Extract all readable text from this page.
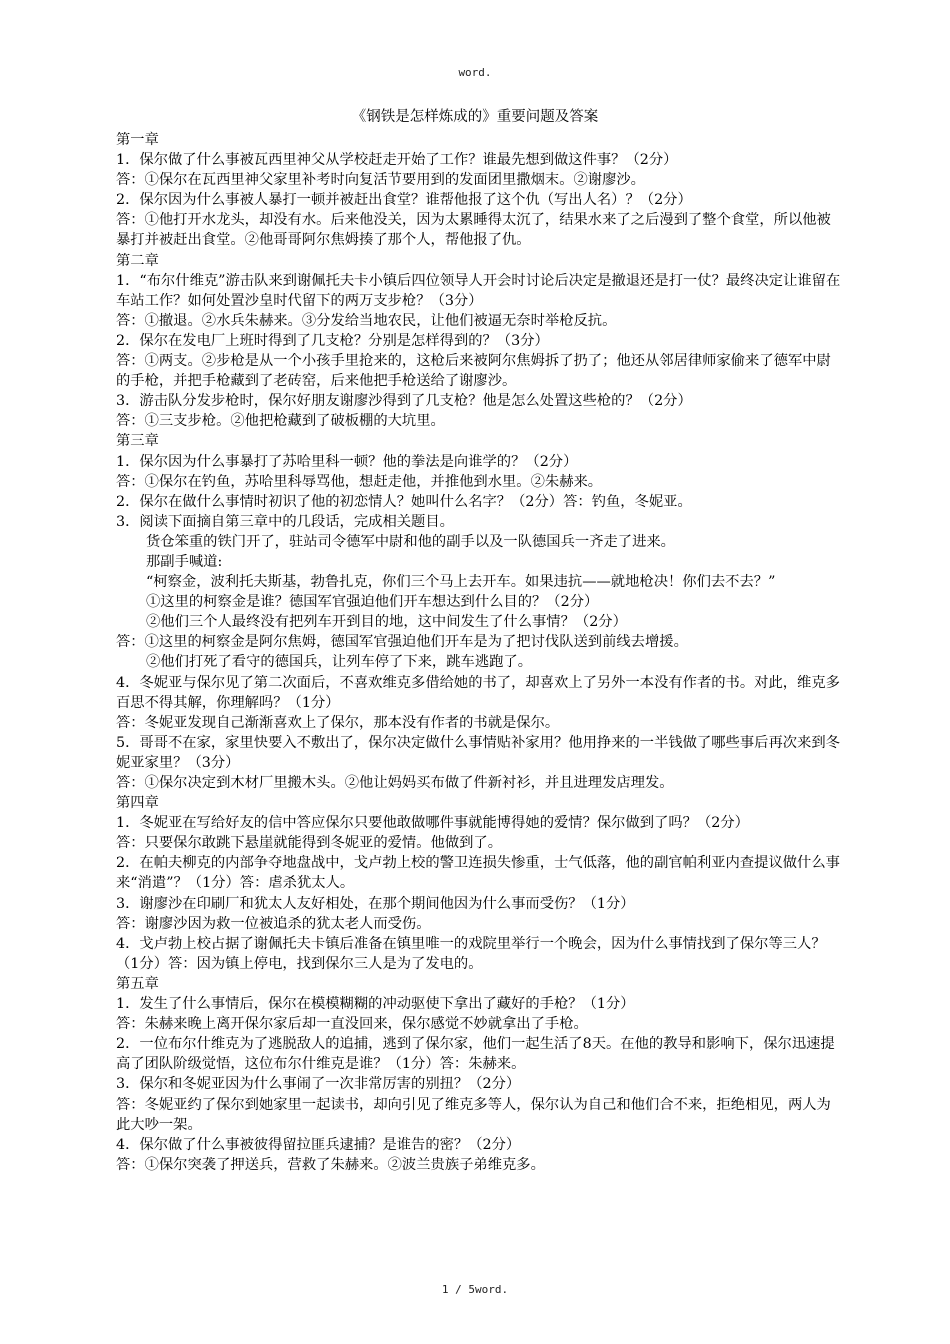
word.
《钢铁是怎样炼成的》重要问题及答案

第一章

1．保尔做了什么事被瓦西里神父从学校赶走开始了工作？谁最先想到做这件事？（2分）

答：①保尔在瓦西里神父家里补考时向复活节要用到的发面团里撒烟末。②谢廖沙。

2．保尔因为什么事被人暴打一顿并被赶出食堂？谁帮他报了这个仇（写出人名）？（2分）

答：①他打开水龙头，却没有水。后来他没关，因为太累睡得太沉了，结果水来了之后漫到了整个食堂，所以他被暴打并被赶出食堂。②他哥哥阿尔焦姆揍了那个人，帮他报了仇。

第二章

1．“布尔什维克”游击队来到谢佩托夫卡小镇后四位领导人开会时讨论后决定是撤退还是打一仗？最终决定让谁留在车站工作？如何处置沙皇时代留下的两万支步枪？（3分）

答：①撤退。②水兵朱赫来。③分发给当地农民，让他们被逼无奈时举枪反抗。

2．保尔在发电厂上班时得到了几支枪？分别是怎样得到的？（3分）

答：①两支。②步枪是从一个小孩手里抢来的，这枪后来被阿尔焦姆拆了扔了；他还从邻居律师家偷来了德军中尉的手枪，并把手枪藏到了老砖窑，后来他把手枪送给了谢廖沙。

3．游击队分发步枪时，保尔好朋友谢廖沙得到了几支枪？他是怎么处置这些枪的？（2分）

答：①三支步枪。②他把枪藏到了破板棚的大坑里。

第三章

1．保尔因为什么事暴打了苏哈里科一顿？他的拳法是向谁学的？（2分）

答：①保尔在钓鱼，苏哈里科辱骂他，想赶走他，并推他到水里。②朱赫来。

2．保尔在做什么事情时初识了他的初恋情人？她叫什么名字？（2分）答：钓鱼，冬妮亚。

3．阅读下面摘自第三章中的几段话，完成相关题目。

货仓笨重的铁门开了，驻站司令德军中尉和他的副手以及一队德国兵一齐走了进来。

那副手喊道:

“柯察金，波利托夫斯基，勃鲁扎克，你们三个马上去开车。如果违抗——就地枪决！你们去不去？”

①这里的柯察金是谁？德国军官强迫他们开车想达到什么目的？（2分）

②他们三个人最终没有把列车开到目的地，这中间发生了什么事情？（2分）

答：①这里的柯察金是阿尔焦姆，德国军官强迫他们开车是为了把讨伐队送到前线去增援。

②他们打死了看守的德国兵，让列车停了下来，跳车逃跑了。

4．冬妮亚与保尔见了第二次面后，不喜欢维克多借给她的书了，却喜欢上了另外一本没有作者的书。对此，维克多百思不得其解，你理解吗？（1分）

答：冬妮亚发现自己渐渐喜欢上了保尔，那本没有作者的书就是保尔。

5．哥哥不在家，家里快要入不敷出了，保尔决定做什么事情贴补家用？他用挣来的一半钱做了哪些事后再次来到冬妮亚家里？（3分）

答：①保尔决定到木材厂里搬木头。②他让妈妈买布做了件新衬衫，并且进理发店理发。

第四章

1．冬妮亚在写给好友的信中答应保尔只要他敢做哪件事就能博得她的爱情？保尔做到了吗？（2分）

答：只要保尔敢跳下悬崖就能得到冬妮亚的爱情。他做到了。

2．在帕夫柳克的内部争夺地盘战中，戈卢勃上校的警卫连损失惨重，士气低落，他的副官帕利亚内查提议做什么事来“消遣”？（1分）答：虐杀犹太人。

3．谢廖沙在印刷厂和犹太人友好相处，在那个期间他因为什么事而受伤？（1分）

答：谢廖沙因为救一位被追杀的犹太老人而受伤。

4．戈卢勃上校占据了谢佩托夫卡镇后准备在镇里唯一的戏院里举行一个晚会，因为什么事情找到了保尔等三人？（1分）答：因为镇上停电，找到保尔三人是为了发电的。

第五章

1．发生了什么事情后，保尔在模模糊糊的冲动驱使下拿出了藏好的手枪？（1分）

答：朱赫来晚上离开保尔家后却一直没回来，保尔感觉不妙就拿出了手枪。

2．一位布尔什维克为了逃脱敌人的追捕，逃到了保尔家，他们一起生活了8天。在他的教导和影响下，保尔迅速提高了团队阶级觉悟，这位布尔什维克是谁？（1分）答：朱赫来。

3．保尔和冬妮亚因为什么事闹了一次非常厉害的别扭？（2分）

答：冬妮亚约了保尔到她家里一起读书，却向引见了维克多等人，保尔认为自己和他们合不来，拒绝相见，两人为此大吵一架。

4．保尔做了什么事被彼得留拉匪兵逮捕？是谁告的密？（2分）

答：①保尔突袭了押送兵，营救了朱赫来。②波兰贵族子弟维克多。

1 / 5word.
